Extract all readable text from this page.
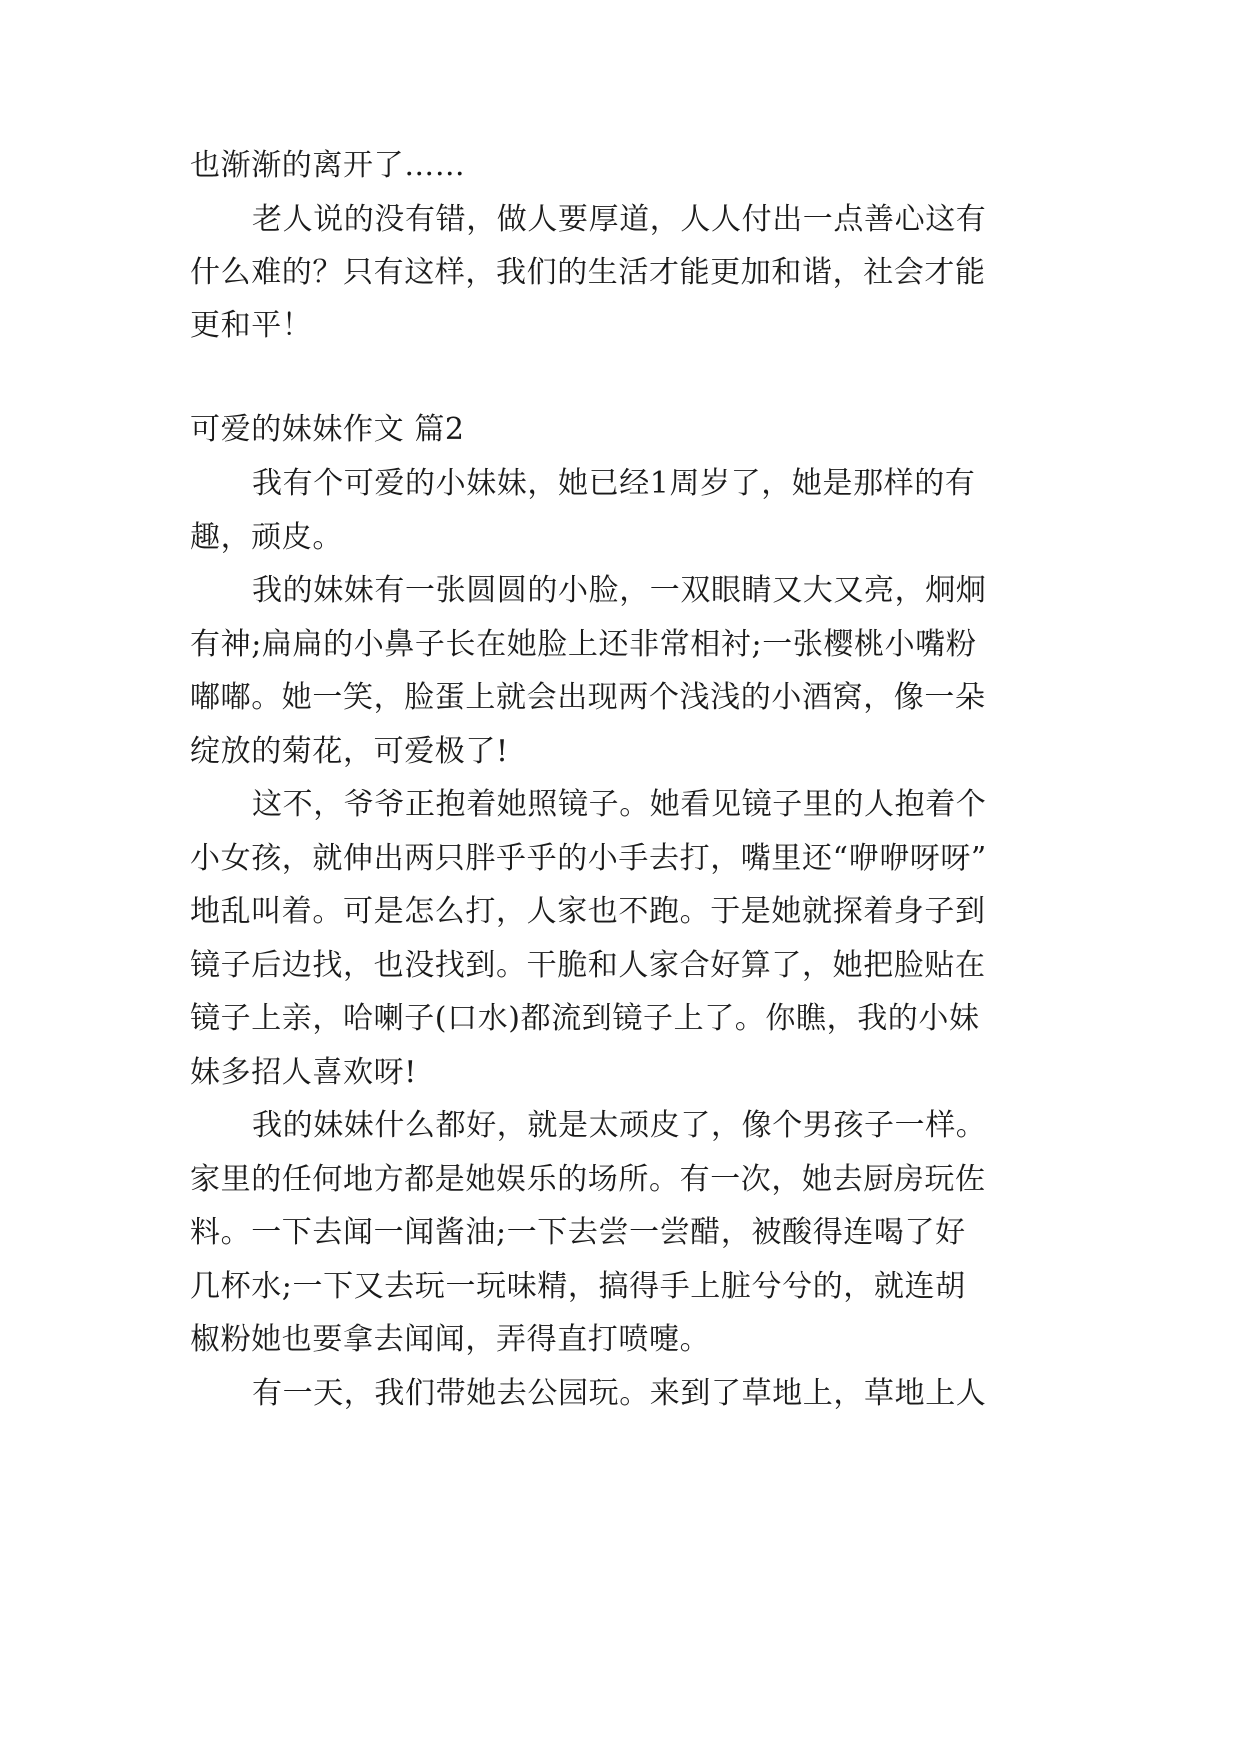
也渐渐的离开了……
老人说的没有错，做人要厚道，人人付出一点善心这有
什么难的？只有这样，我们的生活才能更加和谐，社会才能
更和平！
可爱的妹妹作文 篇2
我有个可爱的小妹妹，她已经1周岁了，她是那样的有
趣，顽皮。
我的妹妹有一张圆圆的小脸，一双眼睛又大又亮，炯炯
有神;扁扁的小鼻子长在她脸上还非常相衬;一张樱桃小嘴粉
嘟嘟。她一笑，脸蛋上就会出现两个浅浅的小酒窝，像一朵
绽放的菊花，可爱极了!
这不，爷爷正抱着她照镜子。她看见镜子里的人抱着个
小女孩，就伸出两只胖乎乎的小手去打，嘴里还“咿咿呀呀”
地乱叫着。可是怎么打，人家也不跑。于是她就探着身子到
镜子后边找，也没找到。干脆和人家合好算了，她把脸贴在
镜子上亲，哈喇子(口水)都流到镜子上了。你瞧，我的小妹
妹多招人喜欢呀!
我的妹妹什么都好，就是太顽皮了，像个男孩子一样。
家里的任何地方都是她娱乐的场所。有一次，她去厨房玩佐
料。一下去闻一闻酱油;一下去尝一尝醋，被酸得连喝了好
几杯水;一下又去玩一玩味精，搞得手上脏兮兮的，就连胡
椒粉她也要拿去闻闻，弄得直打喷嚏。
有一天，我们带她去公园玩。来到了草地上，草地上人
